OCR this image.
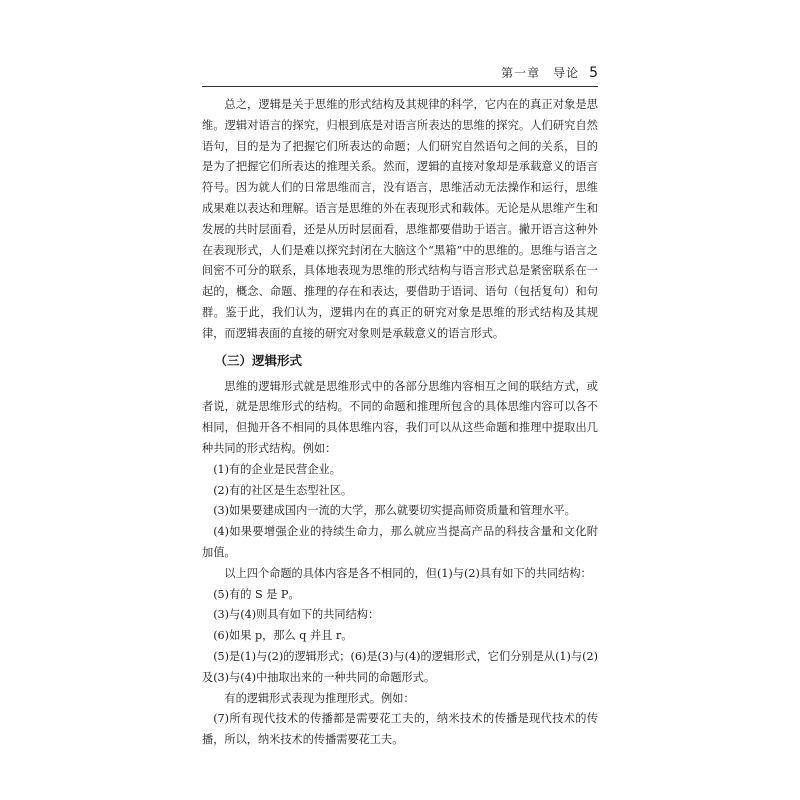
第一章　导论 5

总之，逻辑是关于思维的形式结构及其规律的科学，它内在的真正对象是思维。逻辑对语言的探究，归根到底是对语言所表达的思维的探究。人们研究自然语句，目的是为了把握它们所表达的命题；人们研究自然语句之间的关系，目的是为了把握它们所表达的推理关系。然而，逻辑的直接对象却是承载意义的语言符号。因为就人们的日常思维而言，没有语言，思维活动无法操作和运行，思维成果难以表达和理解。语言是思维的外在表现形式和载体。无论是从思维产生和发展的共时层面看，还是从历时层面看，思维都要借助于语言。撇开语言这种外在表现形式，人们是难以探究封闭在大脑这个“黑箱”中的思维的。思维与语言之间密不可分的联系，具体地表现为思维的形式结构与语言形式总是紧密联系在一起的，概念、命题、推理的存在和表达，要借助于语词、语句（包括复句）和句群。鉴于此，我们认为，逻辑内在的真正的研究对象是思维的形式结构及其规律，而逻辑表面的直接的研究对象则是承载意义的语言形式。

（三）逻辑形式

思维的逻辑形式就是思维形式中的各部分思维内容相互之间的联结方式，或者说，就是思维形式的结构。不同的命题和推理所包含的具体思维内容可以各不相同，但抛开各不相同的具体思维内容，我们可以从这些命题和推理中提取出几种共同的形式结构。例如：

(1)有的企业是民营企业。

(2)有的社区是生态型社区。

(3)如果要建成国内一流的大学，那么就要切实提高师资质量和管理水平。

(4)如果要增强企业的持续生命力，那么就应当提高产品的科技含量和文化附加值。

以上四个命题的具体内容是各不相同的，但(1)与(2)具有如下的共同结构：

(5)有的 S 是 P。

(3)与(4)则具有如下的共同结构：

(6)如果 p，那么 q 并且 r。

(5)是(1)与(2)的逻辑形式；(6)是(3)与(4)的逻辑形式，它们分别是从(1)与(2)及(3)与(4)中抽取出来的一种共同的命题形式。

有的逻辑形式表现为推理形式。例如：

(7)所有现代技术的传播都是需要花工夫的，纳米技术的传播是现代技术的传播，所以，纳米技术的传播需要花工夫。
